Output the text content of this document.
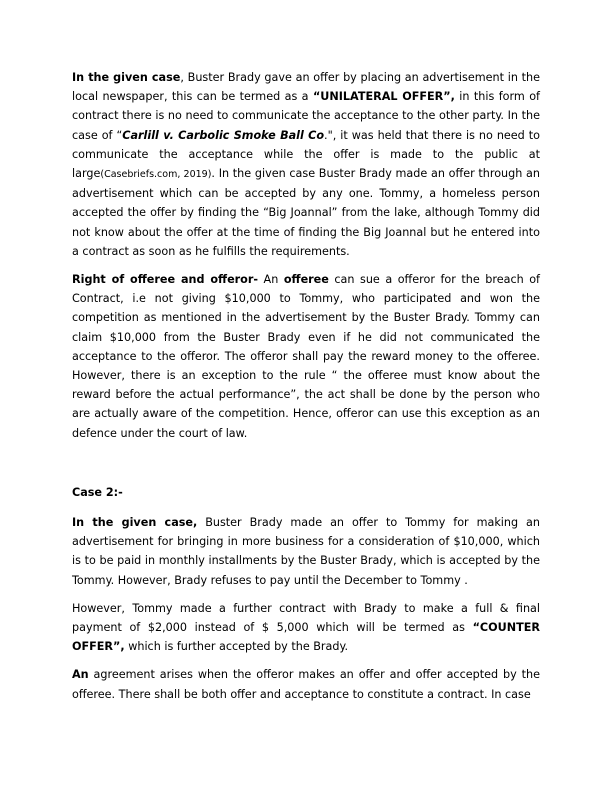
In the given case, Buster Brady gave an offer by placing an advertisement in the local newspaper, this can be termed as a “UNILATERAL OFFER”, in this form of contract there is no need to communicate the acceptance to the other party. In the case of “Carlill v. Carbolic Smoke Ball Co.", it was held that there is no need to communicate the acceptance while the offer is made to the public at large(Casebriefs.com, 2019). In the given case Buster Brady made an offer through an advertisement which can be accepted by any one. Tommy, a homeless person accepted the offer by finding the “Big Joannal” from the lake, although Tommy did not know about the offer at the time of finding the Big Joannal but he entered into a contract as soon as he fulfills the requirements.

Right of offeree and offeror- An offeree can sue a offeror for the breach of Contract, i.e not giving $10,000 to Tommy, who participated and won the competition as mentioned in the advertisement by the Buster Brady. Tommy can claim $10,000 from the Buster Brady even if he did not communicated the acceptance to the offeror. The offeror shall pay the reward money to the offeree. However, there is an exception to the rule “ the offeree must know about the reward before the actual performance”, the act shall be done by the person who are actually aware of the competition. Hence, offeror can use this exception as an defence under the court of law.

Case 2:-

In the given case, Buster Brady made an offer to Tommy for making an advertisement for bringing in more business for a consideration of $10,000, which is to be paid in monthly installments by the Buster Brady, which is accepted by the Tommy. However, Brady refuses to pay until the December to Tommy .

However, Tommy made a further contract with Brady to make a full & final payment of $2,000 instead of $ 5,000 which will be termed as “COUNTER OFFER”, which is further accepted by the Brady.

An agreement arises when the offeror makes an offer and offer accepted by the offeree. There shall be both offer and acceptance to constitute a contract. In case
